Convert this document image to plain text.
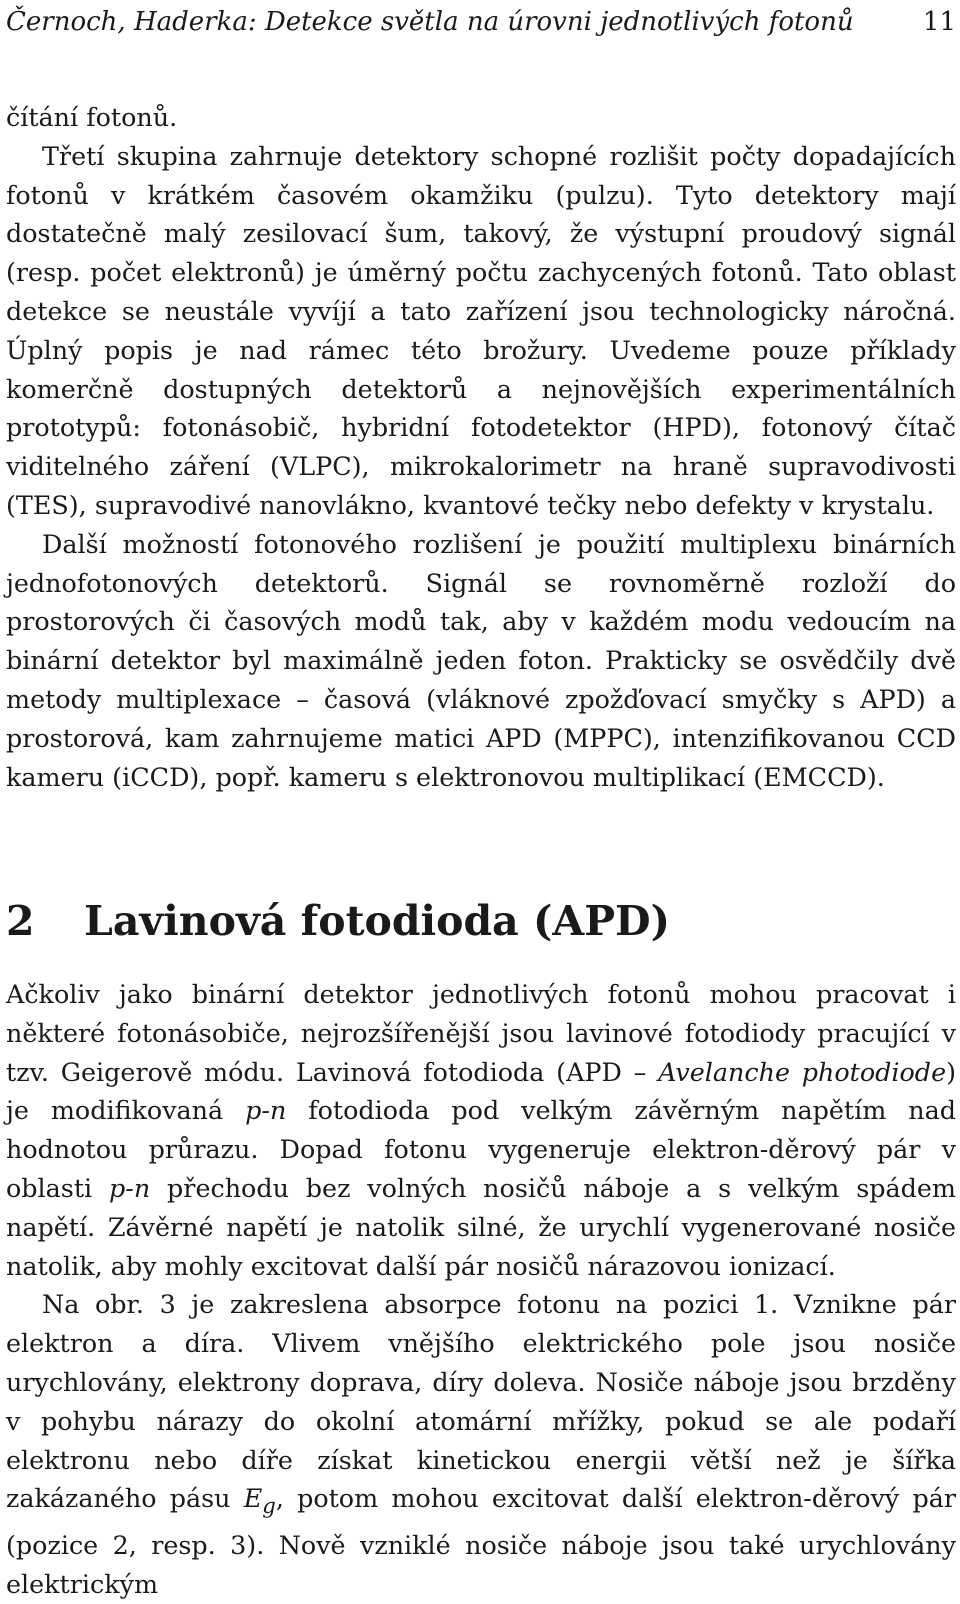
Černoch, Haderka: Detekce světla na úrovni jednotlivých fotonů	11

čítání fotonů.

Třetí skupina zahrnuje detektory schopné rozlišit počty dopadajících fotonů v krátkém časovém okamžiku (pulzu). Tyto detektory mají dostatečně malý zesilovací šum, takový, že výstupní proudový signál (resp. počet elektronů) je úměrný počtu zachycených fotonů. Tato oblast detekce se neustále vyvíjí a tato zařízení jsou technologicky náročná. Úplný popis je nad rámec této brožury. Uvedeme pouze příklady komerčně dostupných detektorů a nejnovějších experimentálních prototypů: fotonásobič, hybridní fotodetektor (HPD), fotonový čítač viditelného záření (VLPC), mikrokalorimetr na hraně supravodivosti (TES), supravodivé nanovlákno, kvantové tečky nebo defekty v krystalu.

Další možností fotonového rozlišení je použití multiplexu binárních jednofotonových detektorů. Signál se rovnoměrně rozloží do prostorových či časových modů tak, aby v každém modu vedoucím na binární detektor byl maximálně jeden foton. Prakticky se osvědčily dvě metody multiplexace – časová (vláknové zpožďovací smyčky s APD) a prostorová, kam zahrnujeme matici APD (MPPC), intenzifikovanou CCD kameru (iCCD), popř. kameru s elektronovou multiplikací (EMCCD).

2 Lavinová fotodioda (APD)

Ačkoliv jako binární detektor jednotlivých fotonů mohou pracovat i některé fotonásobiče, nejrozšířenější jsou lavinové fotodiody pracující v tzv. Geigerově módu. Lavinová fotodioda (APD – Avelanche photodiode) je modifikovaná p-n fotodioda pod velkým závěrným napětím nad hodnotou průrazu. Dopad fotonu vygeneruje elektron-děrový pár v oblasti p-n přechodu bez volných nosičů náboje a s velkým spádem napětí. Závěrné napětí je natolik silné, že urychlí vygenerované nosiče natolik, aby mohly excitovat další pár nosičů nárazovou ionizací.

Na obr. 3 je zakreslena absorpce fotonu na pozici 1. Vznikne pár elektron a díra. Vlivem vnějšího elektrického pole jsou nosiče urychlovány, elektrony doprava, díry doleva. Nosiče náboje jsou brzděny v pohybu nárazy do okolní atomární mřížky, pokud se ale podaří elektronu nebo díře získat kinetickou energii větší než je šířka zakázaného pásu $E_g$, potom mohou excitovat další elektron-děrový pár (pozice 2, resp. 3). Nově vzniklé nosiče náboje jsou také urychlovány elektrickým
